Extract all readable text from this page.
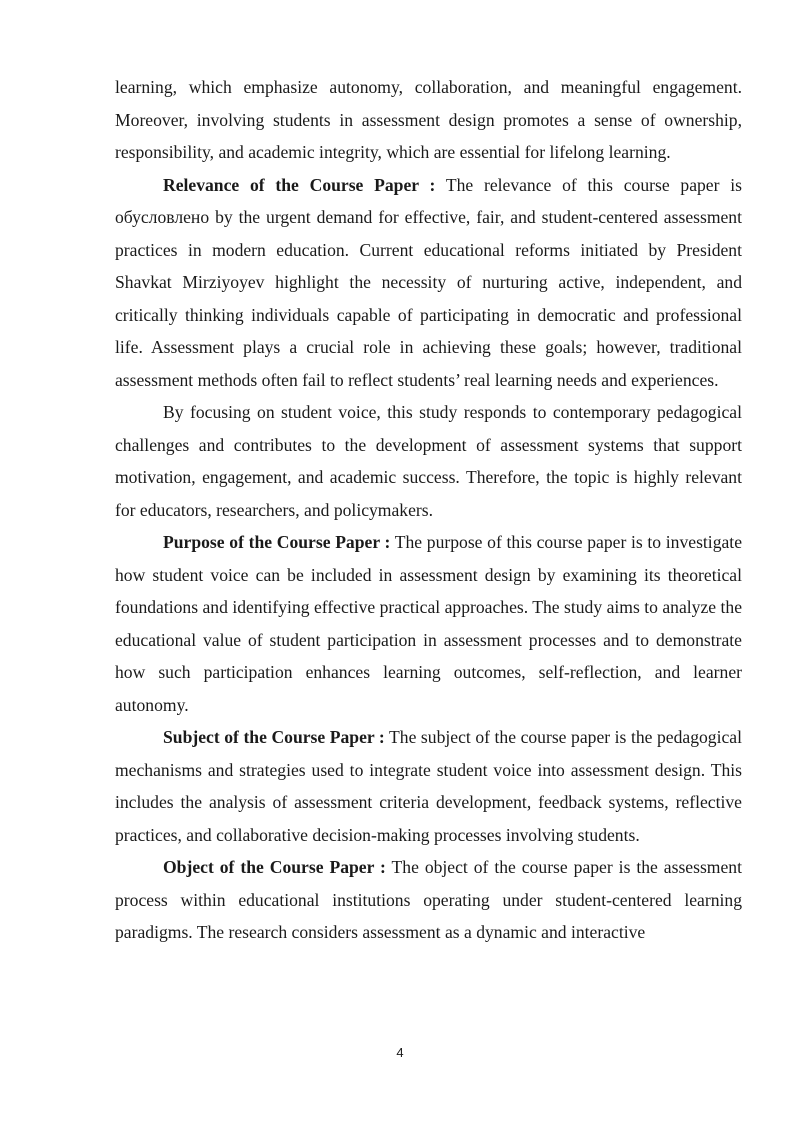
learning, which emphasize autonomy, collaboration, and meaningful engagement. Moreover, involving students in assessment design promotes a sense of ownership, responsibility, and academic integrity, which are essential for lifelong learning.

Relevance of the Course Paper : The relevance of this course paper is обусловлено by the urgent demand for effective, fair, and student-centered assessment practices in modern education. Current educational reforms initiated by President Shavkat Mirziyoyev highlight the necessity of nurturing active, independent, and critically thinking individuals capable of participating in democratic and professional life. Assessment plays a crucial role in achieving these goals; however, traditional assessment methods often fail to reflect students’ real learning needs and experiences.

By focusing on student voice, this study responds to contemporary pedagogical challenges and contributes to the development of assessment systems that support motivation, engagement, and academic success. Therefore, the topic is highly relevant for educators, researchers, and policymakers.

Purpose of the Course Paper : The purpose of this course paper is to investigate how student voice can be included in assessment design by examining its theoretical foundations and identifying effective practical approaches. The study aims to analyze the educational value of student participation in assessment processes and to demonstrate how such participation enhances learning outcomes, self-reflection, and learner autonomy.

Subject of the Course Paper : The subject of the course paper is the pedagogical mechanisms and strategies used to integrate student voice into assessment design. This includes the analysis of assessment criteria development, feedback systems, reflective practices, and collaborative decision-making processes involving students.

Object of the Course Paper : The object of the course paper is the assessment process within educational institutions operating under student-centered learning paradigms. The research considers assessment as a dynamic and interactive

4
